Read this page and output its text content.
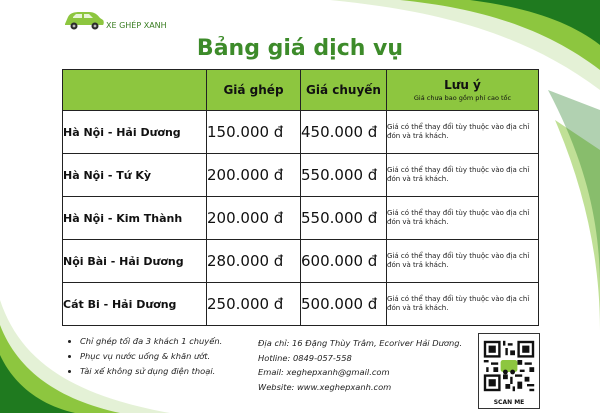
XE GHÉP XANH
Bảng giá dịch vụ
	Giá ghép	Giá chuyến	Lưu ý
Giá chưa bao gồm phí cao tốc

Hà Nội - Hải Dương	150.000 đ	450.000 đ	Giá có thể thay đổi tùy thuộc vào địa chỉ đón và trả khách.
Hà Nội - Tứ Kỳ	200.000 đ	550.000 đ	Giá có thể thay đổi tùy thuộc vào địa chỉ đón và trả khách.
Hà Nội - Kim Thành	200.000 đ	550.000 đ	Giá có thể thay đổi tùy thuộc vào địa chỉ đón và trả khách.
Nội Bài - Hải Dương	280.000 đ	600.000 đ	Giá có thể thay đổi tùy thuộc vào địa chỉ đón và trả khách.
Cát Bi - Hải Dương	250.000 đ	500.000 đ	Giá có thể thay đổi tùy thuộc vào địa chỉ đón và trả khách.
• Chỉ ghép tối đa 3 khách 1 chuyến.
• Phục vụ nước uống & khăn ướt.
• Tài xế không sử dụng điện thoại.
Địa chỉ: 16 Đặng Thùy Trâm, Ecoriver Hải Dương.
Hotline: 0849-057-558
Email: xeghepxanh@gmail.com
Website: www.xeghepxanh.com
SCAN ME
